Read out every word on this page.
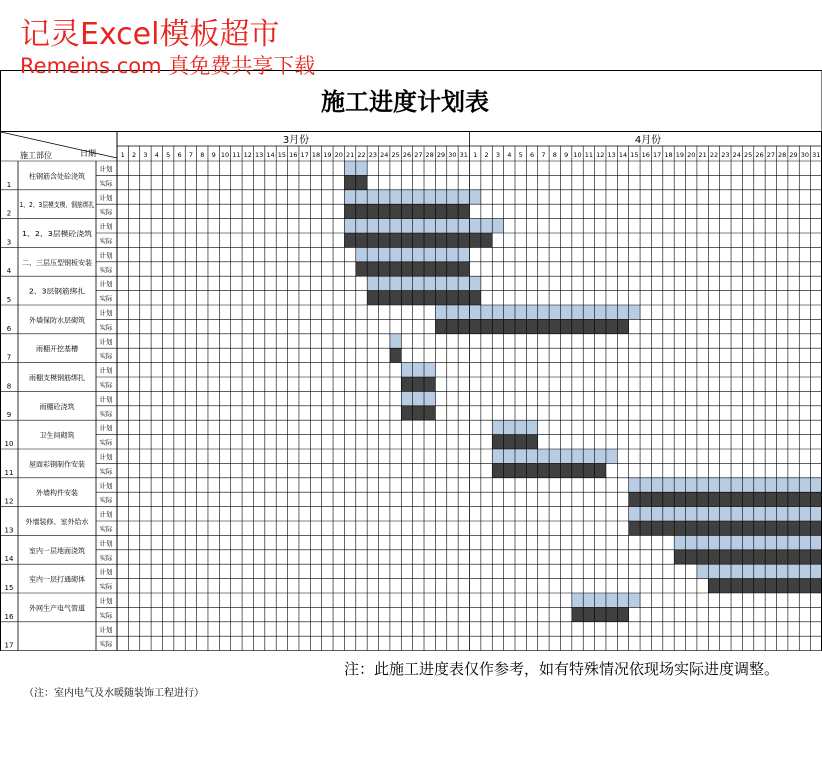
施工进度计划表
日期
施工部位
3月份	4月份
1 2 3 4 5 6 7 8 9 10 11 12 13 14 15 16 17 18 19 20 21 22 23 24 25 26 27 28 29 30 31 1 2 3 4 5 6 7 8 9 10 11 12 13 14 15 16 17 18 19 20 21 22 23 24 25 26 27 28 29 30 31
1
柱钢筋含处砼浇筑
计划
实际
2
1、2、3层模支模、钢筋绑扎
计划
实际
3
1、2、3层模砼浇筑
计划
实际
4
二、三层压型钢板安装
计划
实际
5
2、3层钢筋绑扎
计划
实际
6
外墙保防水层砌筑
计划
实际
7
雨棚开挖基槽
计划
实际
8
雨棚支模钢筋绑扎
计划
实际
9
雨棚砼浇筑
计划
实际
10
卫生间砌筑
计划
实际
11
屋面彩钢制作安装
计划
实际
12
外墙构件安装
计划
实际
13
外墙装修、室外给水
计划
实际
14
室内一层地面浇筑
计划
实际
15
室内一层打通砌体
计划
实际
16
外网生产电气管道
计划
实际
17
计划
实际
记灵Excel模板超市
Remeins.com 真免费共享下载
注：此施工进度表仅作参考，如有特殊情况依现场实际进度调整。
（注：室内电气及水暖随装饰工程进行）
